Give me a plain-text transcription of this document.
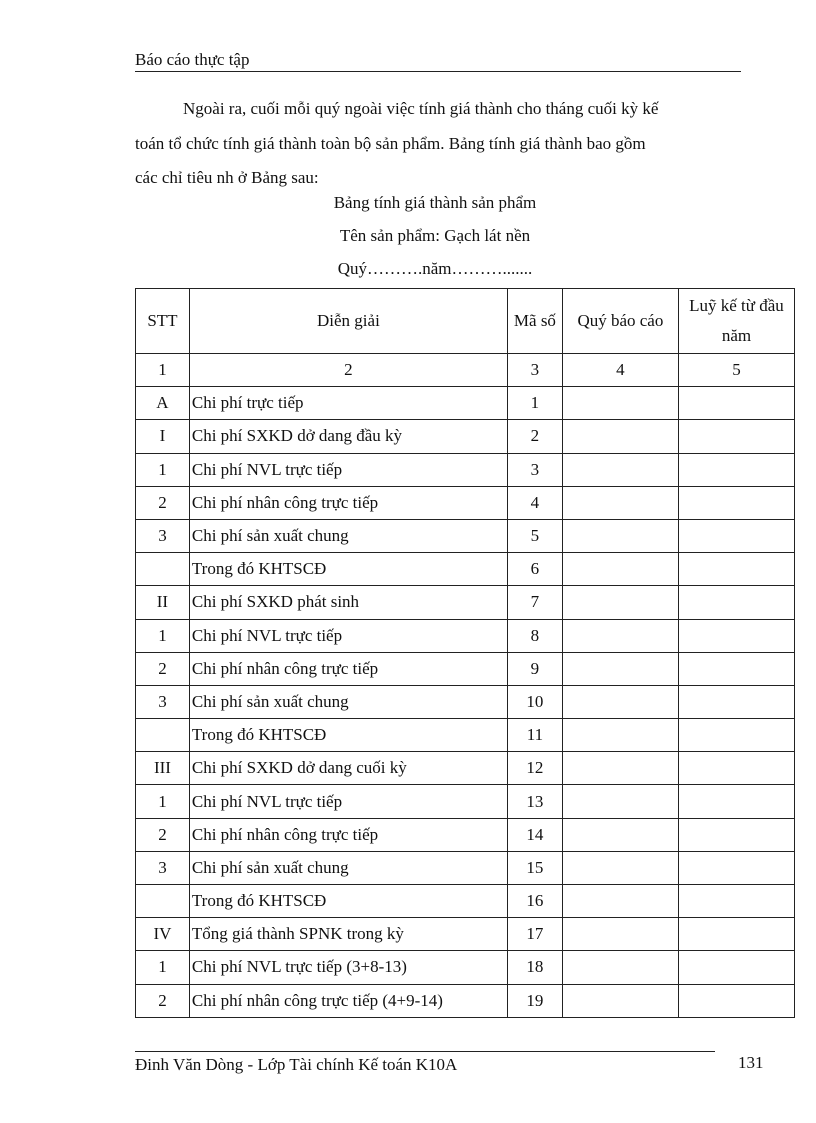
Báo cáo thực tập
Ngoài ra, cuối mỗi quý ngoài việc tính giá thành cho tháng cuối kỳ kế
toán tổ chức tính giá thành toàn bộ sản phẩm. Bảng tính giá thành bao gồm
các chỉ tiêu nh ở Bảng sau:
Bảng tính giá thành sản phẩm
Tên sản phẩm: Gạch lát nền
Quý……….năm……….......
STT	Diễn giải	Mã số	Quý báo cáo	Luỹ kế từ đầu năm
1	2	3	4	5
A	Chi phí trực tiếp	1		
I	Chi phí SXKD dở dang đầu kỳ	2		
1	Chi phí NVL trực tiếp	3		
2	Chi phí nhân công trực tiếp	4		
3	Chi phí sản xuất chung	5		
	Trong đó KHTSCĐ	6		
II	Chi phí SXKD phát sinh	7		
1	Chi phí NVL trực tiếp	8		
2	Chi phí nhân công trực tiếp	9		
3	Chi phí sản xuất chung	10		
	Trong đó KHTSCĐ	11		
III	Chi phí SXKD dở dang cuối kỳ	12		
1	Chi phí NVL trực tiếp	13		
2	Chi phí nhân công trực tiếp	14		
3	Chi phí sản xuất chung	15		
	Trong đó KHTSCĐ	16		
IV	Tổng giá thành SPNK trong kỳ	17		
1	Chi phí NVL trực tiếp (3+8-13)	18		
2	Chi phí nhân công trực tiếp (4+9-14)	19		
Đinh Văn Dòng - Lớp Tài chính Kế toán K10A	131
